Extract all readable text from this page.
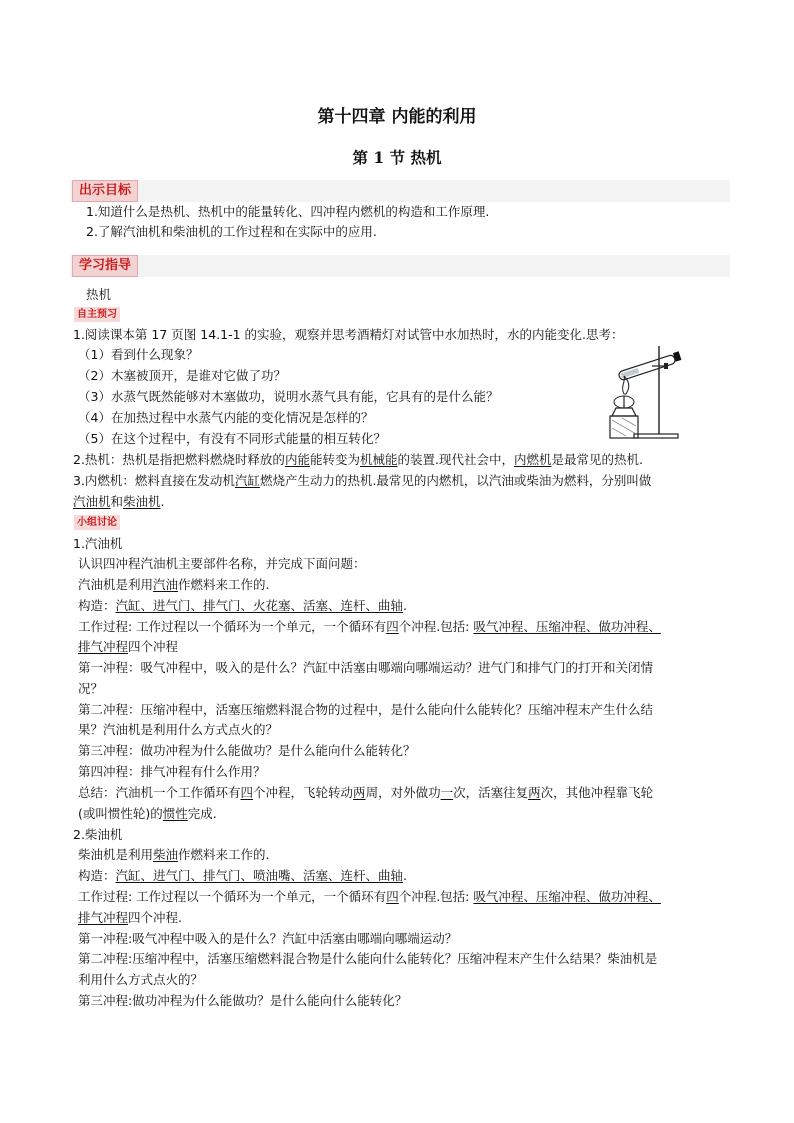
第十四章 内能的利用
第 1 节 热机
出示目标
1.知道什么是热机、热机中的能量转化、四冲程内燃机的构造和工作原理.
2.了解汽油机和柴油机的工作过程和在实际中的应用.
学习指导
热机
自主预习
1.阅读课本第 17 页图 14.1-1 的实验，观察并思考酒精灯对试管中水加热时，水的内能变化.思考：
（1）看到什么现象？
（2）木塞被顶开，是谁对它做了功？
（3）水蒸气既然能够对木塞做功，说明水蒸气具有能，它具有的是什么能？
（4）在加热过程中水蒸气内能的变化情况是怎样的？
（5）在这个过程中，有没有不同形式能量的相互转化？
2.热机：热机是指把燃料燃烧时释放的内能能转变为机械能的装置.现代社会中，内燃机是最常见的热机.
3.内燃机：燃料直接在发动机汽缸燃烧产生动力的热机.最常见的内燃机，以汽油或柴油为燃料，分别叫做
汽油机和柴油机.
小组讨论
1.汽油机
认识四冲程汽油机主要部件名称，并完成下面问题：
汽油机是利用汽油作燃料来工作的.
构造：汽缸、进气门、排气门、火花塞、活塞、连杆、曲轴.
工作过程: 工作过程以一个循环为一个单元，一个循环有四个冲程.包括: 吸气冲程、压缩冲程、做功冲程、
排气冲程四个冲程
第一冲程：吸气冲程中，吸入的是什么？汽缸中活塞由哪端向哪端运动？进气门和排气门的打开和关闭情
况？
第二冲程：压缩冲程中，活塞压缩燃料混合物的过程中，是什么能向什么能转化？压缩冲程末产生什么结
果？汽油机是利用什么方式点火的？
第三冲程：做功冲程为什么能做功？是什么能向什么能转化？
第四冲程：排气冲程有什么作用？
总结：汽油机一个工作循环有四个冲程，飞轮转动两周，对外做功一次，活塞往复两次，其他冲程靠飞轮
(或叫惯性轮)的惯性完成.
2.柴油机
柴油机是利用柴油作燃料来工作的.
构造：汽缸、进气门、排气门、喷油嘴、活塞、连杆、曲轴.
工作过程: 工作过程以一个循环为一个单元，一个循环有四个冲程.包括: 吸气冲程、压缩冲程、做功冲程、
排气冲程四个冲程.
第一冲程:吸气冲程中吸入的是什么？汽缸中活塞由哪端向哪端运动？
第二冲程:压缩冲程中，活塞压缩燃料混合物是什么能向什么能转化？压缩冲程末产生什么结果？柴油机是
利用什么方式点火的？
第三冲程:做功冲程为什么能做功？是什么能向什么能转化？
